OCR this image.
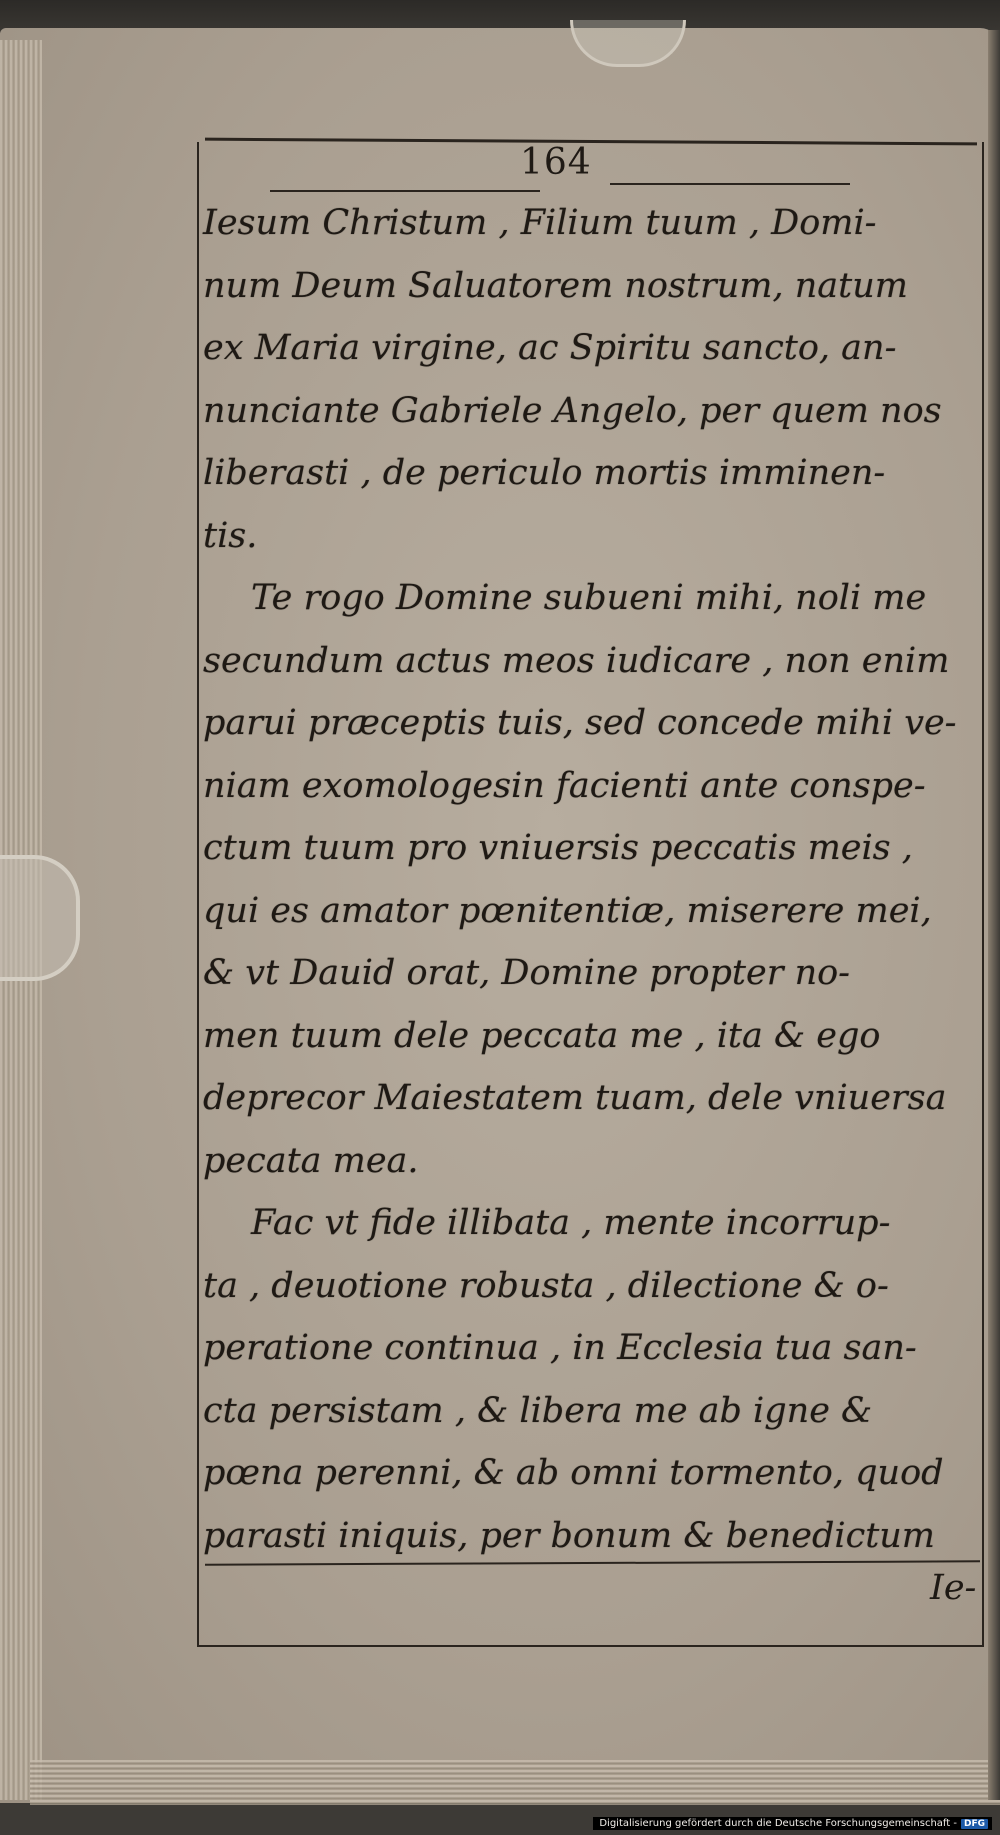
164
Iesum Christum , Filium tuum , Domi-
num Deum Saluatorem nostrum, natum
ex Maria virgine, ac Spiritu sancto, an-
nunciante Gabriele Angelo, per quem nos
liberasti , de periculo mortis imminen-
tis.
Te rogo Domine subueni mihi, noli me
secundum actus meos iudicare , non enim
parui præceptis tuis, sed concede mihi ve-
niam exomologesin facienti ante conspe-
ctum tuum pro vniuersis peccatis meis ,
qui es amator pœnitentiæ, miserere mei,
& vt Dauid orat, Domine propter no-
men tuum dele peccata me , ita & ego
deprecor Maiestatem tuam, dele vniuersa
pecata mea.
Fac vt fide illibata , mente incorrup-
ta , deuotione robusta , dilectione & o-
peratione continua , in Ecclesia tua san-
cta persistam , & libera me ab igne &
pœna perenni, & ab omni tormento, quod
parasti iniquis, per bonum & benedictum
Ie-
Digitalisierung gefördert durch die Deutsche Forschungsgemeinschaft - DFG
